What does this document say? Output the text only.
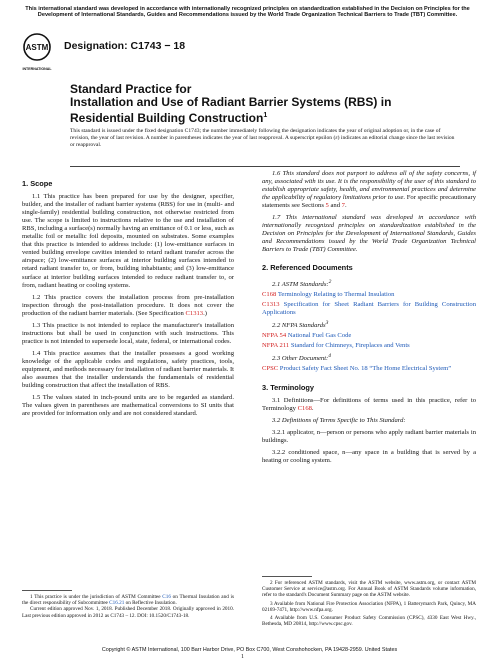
This international standard was developed in accordance with internationally recognized principles on standardization established in the Decision on Principles for the Development of International Standards, Guides and Recommendations issued by the World Trade Organization Technical Barriers to Trade (TBT) Committee.
ASTM
INTERNATIONAL
Designation: C1743 − 18
Standard Practice for
Installation and Use of Radiant Barrier Systems (RBS) in
Residential Building Construction$^1$
This standard is issued under the fixed designation C1743; the number immediately following the designation indicates the year of original adoption or, in the case of revision, the year of last revision. A number in parentheses indicates the year of last reapproval. A superscript epsilon (ε) indicates an editorial change since the last revision or reapproval.
1. Scope

1.1 This practice has been prepared for use by the designer, specifier, builder, and the installer of radiant barrier systems (RBS) for use in (multi- and single-family) residential building construction, not otherwise restricted from use. The scope is limited to instructions relative to the use and installation of RBS, including a surface(s) normally having an emittance of 0.1 or less, such as metallic foil or metallic foil deposits, mounted on substrates. Some examples that this practice is intended to address include: (1) low-emittance surfaces in vented building envelope cavities intended to retard radiant transfer across the airspace; (2) low-emittance surfaces at interior building surfaces intended to retard radiant transfer to, or from, building inhabitants; and (3) low-emittance surface at interior building surfaces intended to reduce radiant transfer to, or from, radiant heating or cooling systems.

1.2 This practice covers the installation process from pre-installation inspection through the post-installation procedure. It does not cover the production of the radiant barrier materials. (See Specification C1313.)

1.3 This practice is not intended to replace the manufacturer's installation instructions but shall be used in conjunction with such instructions. This practice is not intended to supersede local, state, federal, or international codes.

1.4 This practice assumes that the installer possesses a good working knowledge of the applicable codes and regulations, safety practices, tools, equipment, and methods necessary for installation of radiant barrier materials. It also assumes that the installer understands the fundamentals of residential building construction that affect the installation of RBS.

1.5 The values stated in inch-pound units are to be regarded as standard. The values given in parentheses are mathematical conversions to SI units that are provided for information only and are not considered standard.

1 This practice is under the jurisdiction of ASTM Committee C16 on Thermal Insulation and is the direct responsibility of Subcommittee C16.21 on Reflective Insulation.
Current edition approved Nov. 1, 2018. Published December 2018. Originally approved in 2010. Last previous edition approved in 2012 as C1743 – 12. DOI: 10.1520/C1743-18.

1.6 This standard does not purport to address all of the safety concerns, if any, associated with its use. It is the responsibility of the user of this standard to establish appropriate safety, health, and environmental practices and determine the applicability of regulatory limitations prior to use. For specific precautionary statements see Sections 5 and 7.

1.7 This international standard was developed in accordance with internationally recognized principles on standardization established in the Decision on Principles for the Development of International Standards, Guides and Recommendations issued by the World Trade Organization Technical Barriers to Trade (TBT) Committee.

2. Referenced Documents
2.1 ASTM Standards:$^2$
C168 Terminology Relating to Thermal Insulation
C1313 Specification for Sheet Radiant Barriers for Building Construction Applications
2.2 NFPA Standards$^3$
NFPA 54 National Fuel Gas Code
NFPA 211 Standard for Chimneys, Fireplaces and Vents
2.3 Other Document:$^4$
CPSC Product Safety Fact Sheet No. 18 “The Home Electrical System”
3. Terminology

3.1 Definitions—For definitions of terms used in this practice, refer to Terminology C168.

3.2 Definitions of Terms Specific to This Standard:

3.2.1 applicator, n—person or persons who apply radiant barrier materials in buildings.

3.2.2 conditioned space, n—any space in a building that is served by a heating or cooling system.

2 For referenced ASTM standards, visit the ASTM website, www.astm.org, or contact ASTM Customer Service at service@astm.org. For Annual Book of ASTM Standards volume information, refer to the standard's Document Summary page on the ASTM website.
3 Available from National Fire Protection Association (NFPA), 1 Batterymarch Park, Quincy, MA 02169-7471, http://www.nfpa.org.
4 Available from U.S. Consumer Product Safety Commission (CPSC), 4330 East West Hwy., Bethesda, MD 20814, http://www.cpsc.gov.
Copyright © ASTM International, 100 Barr Harbor Drive, PO Box C700, West Conshohocken, PA 19428-2959. United States
1
